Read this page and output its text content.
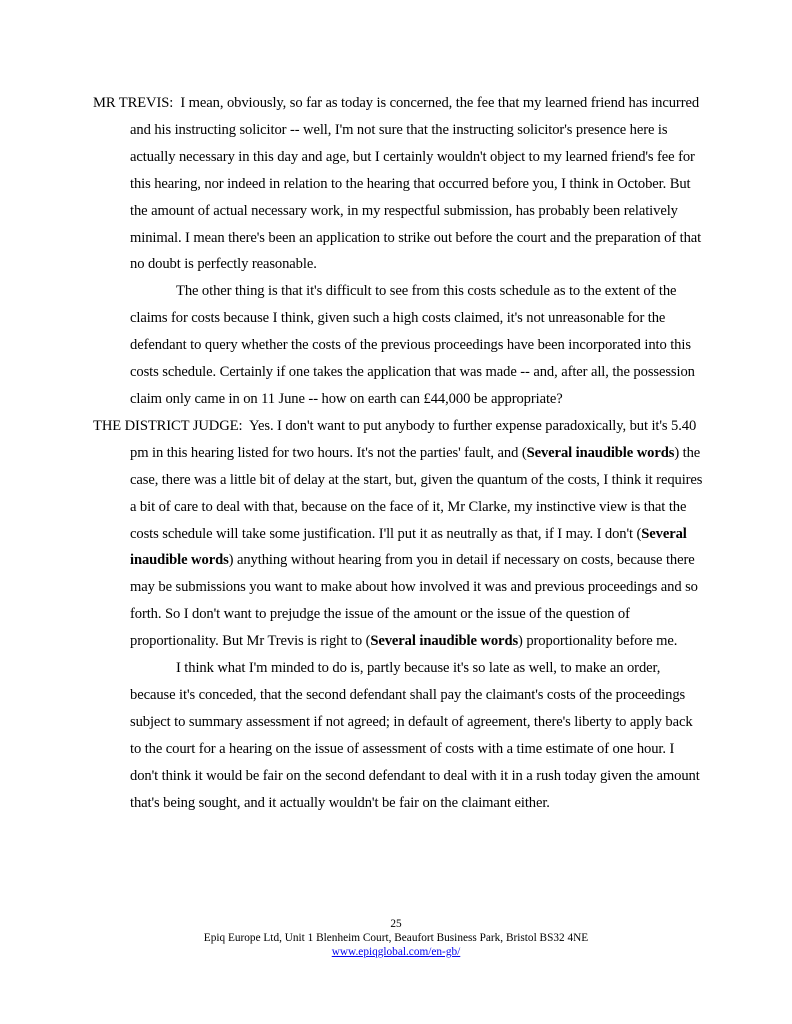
MR TREVIS: I mean, obviously, so far as today is concerned, the fee that my learned friend has incurred and his instructing solicitor -- well, I'm not sure that the instructing solicitor's presence here is actually necessary in this day and age, but I certainly wouldn't object to my learned friend's fee for this hearing, nor indeed in relation to the hearing that occurred before you, I think in October. But the amount of actual necessary work, in my respectful submission, has probably been relatively minimal. I mean there's been an application to strike out before the court and the preparation of that no doubt is perfectly reasonable.

The other thing is that it's difficult to see from this costs schedule as to the extent of the claims for costs because I think, given such a high costs claimed, it's not unreasonable for the defendant to query whether the costs of the previous proceedings have been incorporated into this costs schedule. Certainly if one takes the application that was made -- and, after all, the possession claim only came in on 11 June -- how on earth can £44,000 be appropriate?

THE DISTRICT JUDGE: Yes. I don't want to put anybody to further expense paradoxically, but it's 5.40 pm in this hearing listed for two hours. It's not the parties' fault, and (Several inaudible words) the case, there was a little bit of delay at the start, but, given the quantum of the costs, I think it requires a bit of care to deal with that, because on the face of it, Mr Clarke, my instinctive view is that the costs schedule will take some justification. I'll put it as neutrally as that, if I may. I don't (Several inaudible words) anything without hearing from you in detail if necessary on costs, because there may be submissions you want to make about how involved it was and previous proceedings and so forth. So I don't want to prejudge the issue of the amount or the issue of the question of proportionality. But Mr Trevis is right to (Several inaudible words) proportionality before me.

I think what I'm minded to do is, partly because it's so late as well, to make an order, because it's conceded, that the second defendant shall pay the claimant's costs of the proceedings subject to summary assessment if not agreed; in default of agreement, there's liberty to apply back to the court for a hearing on the issue of assessment of costs with a time estimate of one hour. I don't think it would be fair on the second defendant to deal with it in a rush today given the amount that's being sought, and it actually wouldn't be fair on the claimant either.

25
Epiq Europe Ltd, Unit 1 Blenheim Court, Beaufort Business Park, Bristol BS32 4NE
www.epiqglobal.com/en-gb/
